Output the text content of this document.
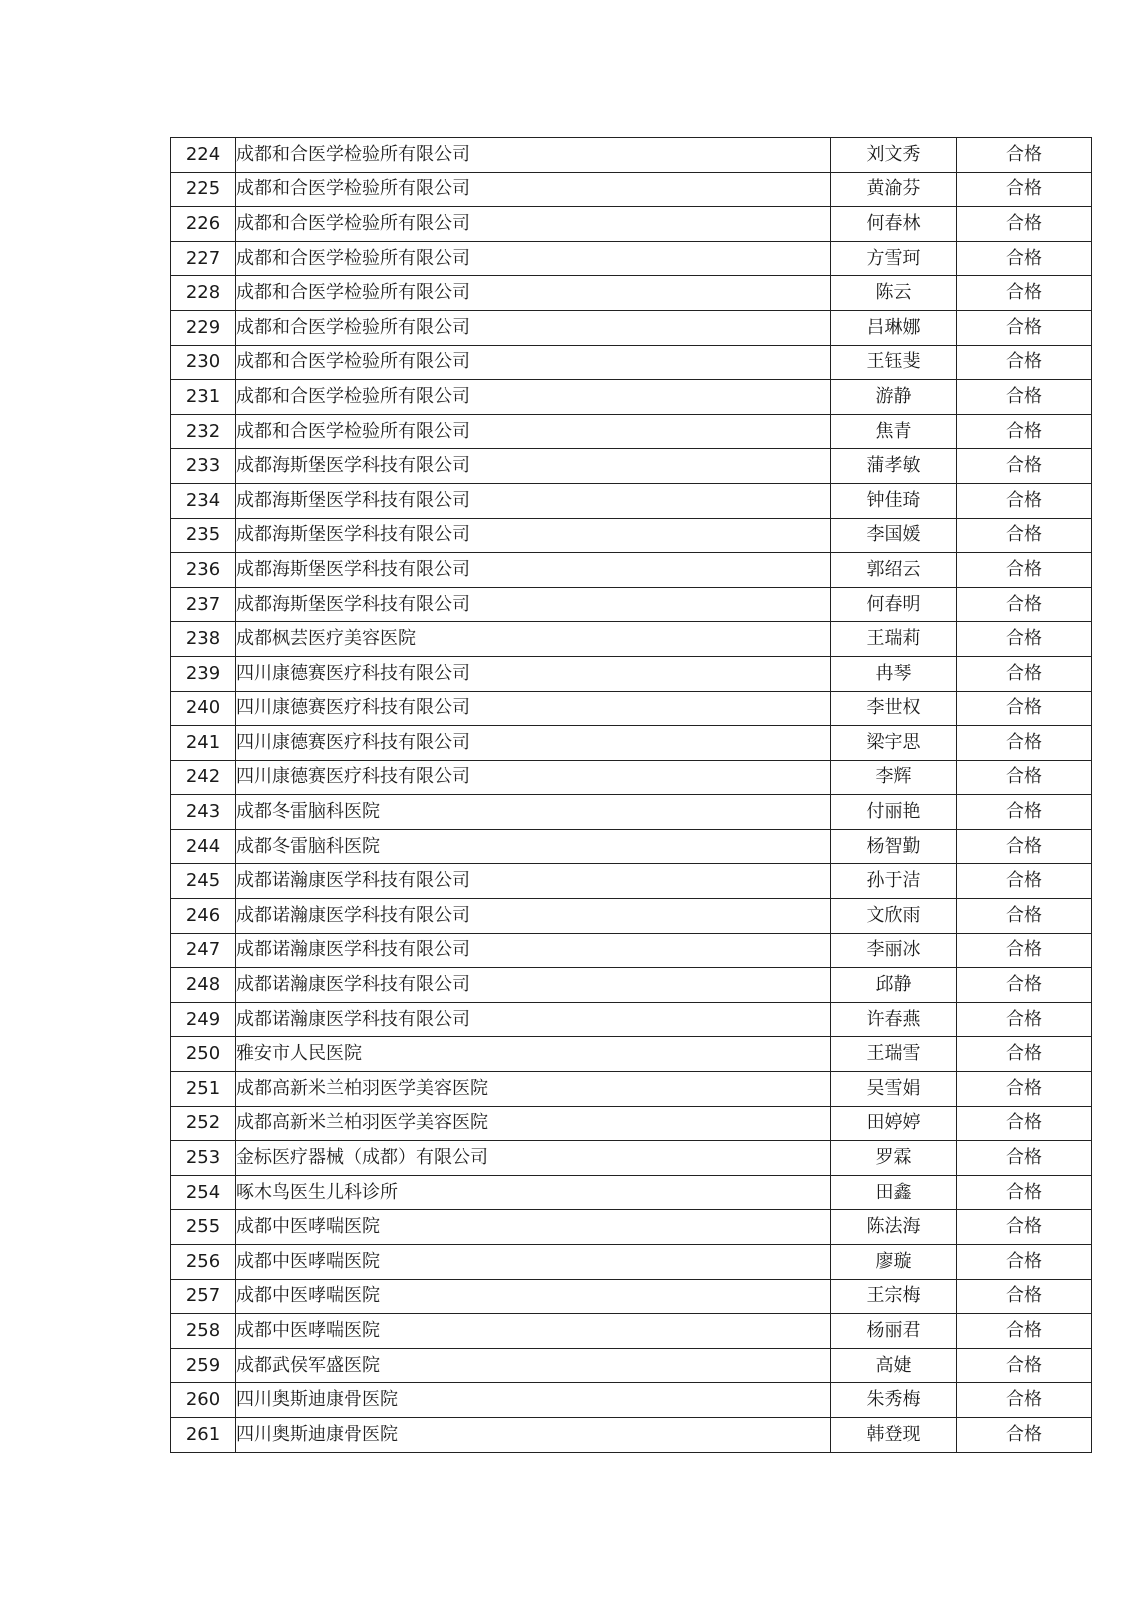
224	成都和合医学检验所有限公司	刘文秀	合格
225	成都和合医学检验所有限公司	黄渝芬	合格
226	成都和合医学检验所有限公司	何春林	合格
227	成都和合医学检验所有限公司	方雪珂	合格
228	成都和合医学检验所有限公司	陈云	合格
229	成都和合医学检验所有限公司	吕琳娜	合格
230	成都和合医学检验所有限公司	王钰斐	合格
231	成都和合医学检验所有限公司	游静	合格
232	成都和合医学检验所有限公司	焦青	合格
233	成都海斯堡医学科技有限公司	蒲孝敏	合格
234	成都海斯堡医学科技有限公司	钟佳琦	合格
235	成都海斯堡医学科技有限公司	李国媛	合格
236	成都海斯堡医学科技有限公司	郭绍云	合格
237	成都海斯堡医学科技有限公司	何春明	合格
238	成都枫芸医疗美容医院	王瑞莉	合格
239	四川康德赛医疗科技有限公司	冉琴	合格
240	四川康德赛医疗科技有限公司	李世权	合格
241	四川康德赛医疗科技有限公司	梁宇思	合格
242	四川康德赛医疗科技有限公司	李辉	合格
243	成都冬雷脑科医院	付丽艳	合格
244	成都冬雷脑科医院	杨智勤	合格
245	成都诺瀚康医学科技有限公司	孙于洁	合格
246	成都诺瀚康医学科技有限公司	文欣雨	合格
247	成都诺瀚康医学科技有限公司	李丽冰	合格
248	成都诺瀚康医学科技有限公司	邱静	合格
249	成都诺瀚康医学科技有限公司	许春燕	合格
250	雅安市人民医院	王瑞雪	合格
251	成都高新米兰柏羽医学美容医院	吴雪娟	合格
252	成都高新米兰柏羽医学美容医院	田婷婷	合格
253	金标医疗器械（成都）有限公司	罗霖	合格
254	啄木鸟医生儿科诊所	田鑫	合格
255	成都中医哮喘医院	陈法海	合格
256	成都中医哮喘医院	廖璇	合格
257	成都中医哮喘医院	王宗梅	合格
258	成都中医哮喘医院	杨丽君	合格
259	成都武侯军盛医院	高婕	合格
260	四川奥斯迪康骨医院	朱秀梅	合格
261	四川奥斯迪康骨医院	韩登现	合格
